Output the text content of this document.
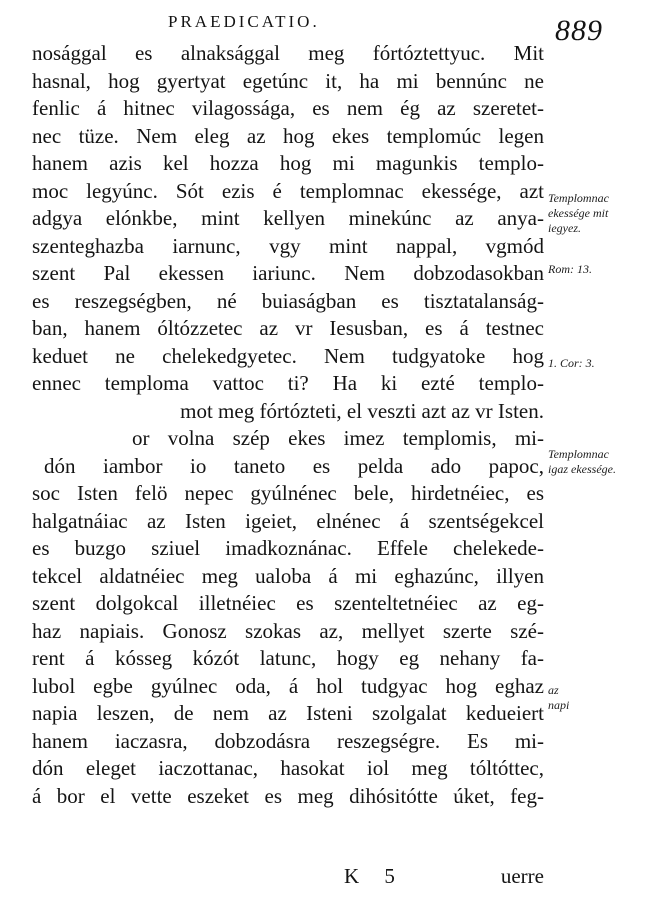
PRAEDICATIO.	889
nosággal es alnaksággal meg fórtóztettyuc. Mit
hasnal, hog gyertyat egetúnc it, ha mi bennúnc ne
fenlic á hitnec vilagossága, es nem ég az szeretet-
nec tüze. Nem eleg az hog ekes templomúc legen
hanem azis kel hozza hog mi magunkis templo-
moc legyúnc. Sót ezis é templomnac ekessége, azt
adgya elónkbe, mint kellyen minekúnc az anya-
szenteghazba iarnunc, vgy mint nappal, vgmód
szent Pal ekessen iariunc. Nem dobzodasokban
es reszegségben, né buiaságban es tisztatalanság-
ban, hanem óltózzetec az vr Iesusban, es á testnec
keduet ne chelekedgyetec. Nem tudgyatoke hog
ennec temploma vattoc ti? Ha ki ezté templo-
mot meg fórtózteti, el veszti azt az vr Isten.
or volna szép ekes imez templomis, mi-
dón iambor io taneto es pelda ado papoc,
soc Isten felö nepec gyúlnénec bele, hirdetnéiec, es
halgatnáiac az Isten igeiet, elnénec á szentségekcel
es buzgo sziuel imadkoznánac. Effele chelekede-
tekcel aldatnéiec meg ualoba á mi eghazúnc, illyen
szent dolgokcal illetnéiec es szenteltetnéiec az eg-
haz napiais. Gonosz szokas az, mellyet szerte szé-
rent á kósseg kózót latunc, hogy eg nehany fa-
lubol egbe gyúlnec oda, á hol tudgyac hog eghaz
napia leszen, de nem az Isteni szolgalat kedueiert
hanem iaczasra, dobzodásra reszegségre. Es mi-
dón eleget iaczottanac, hasokat iol meg tóltóttec,
á bor el vette eszeket es meg dihósitótte úket, feg-
Templomnac
ekessége mit
iegyez.
Rom: 13.
1. Cor: 3.
Templomnac
igaz ekessége.
az
napi
K 5	uerre
